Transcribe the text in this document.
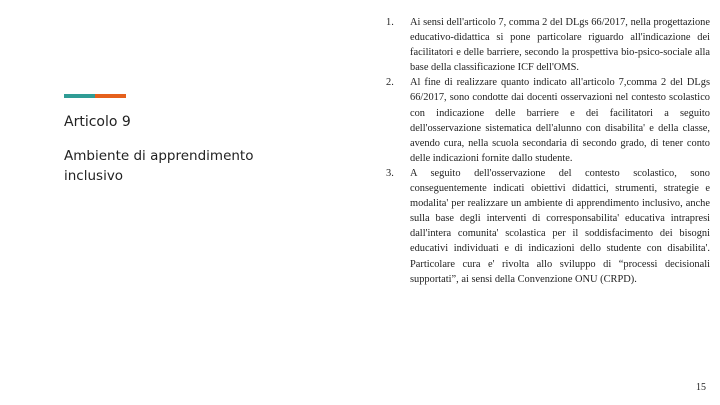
Articolo 9
Ambiente di apprendimento inclusivo
1. Ai sensi dell'articolo 7, comma 2 del DLgs 66/2017, nella progettazione educativo-didattica si pone particolare riguardo all'indicazione dei facilitatori e delle barriere, secondo la prospettiva bio-psico-sociale alla base della classificazione ICF dell'OMS.
2. Al fine di realizzare quanto indicato all'articolo 7,comma 2 del DLgs 66/2017, sono condotte dai docenti osservazioni nel contesto scolastico con indicazione delle barriere e dei facilitatori a seguito dell'osservazione sistematica dell'alunno con disabilita' e della classe, avendo cura, nella scuola secondaria di secondo grado, di tener conto delle indicazioni fornite dallo studente.
3. A seguito dell'osservazione del contesto scolastico, sono conseguentemente indicati obiettivi didattici, strumenti, strategie e modalita' per realizzare un ambiente di apprendimento inclusivo, anche sulla base degli interventi di corresponsabilita' educativa intrapresi dall'intera comunita' scolastica per il soddisfacimento dei bisogni educativi individuati e di indicazioni dello studente con disabilita'. Particolare cura e' rivolta allo sviluppo di “processi decisionali supportati”, ai sensi della Convenzione ONU (CRPD).
15
